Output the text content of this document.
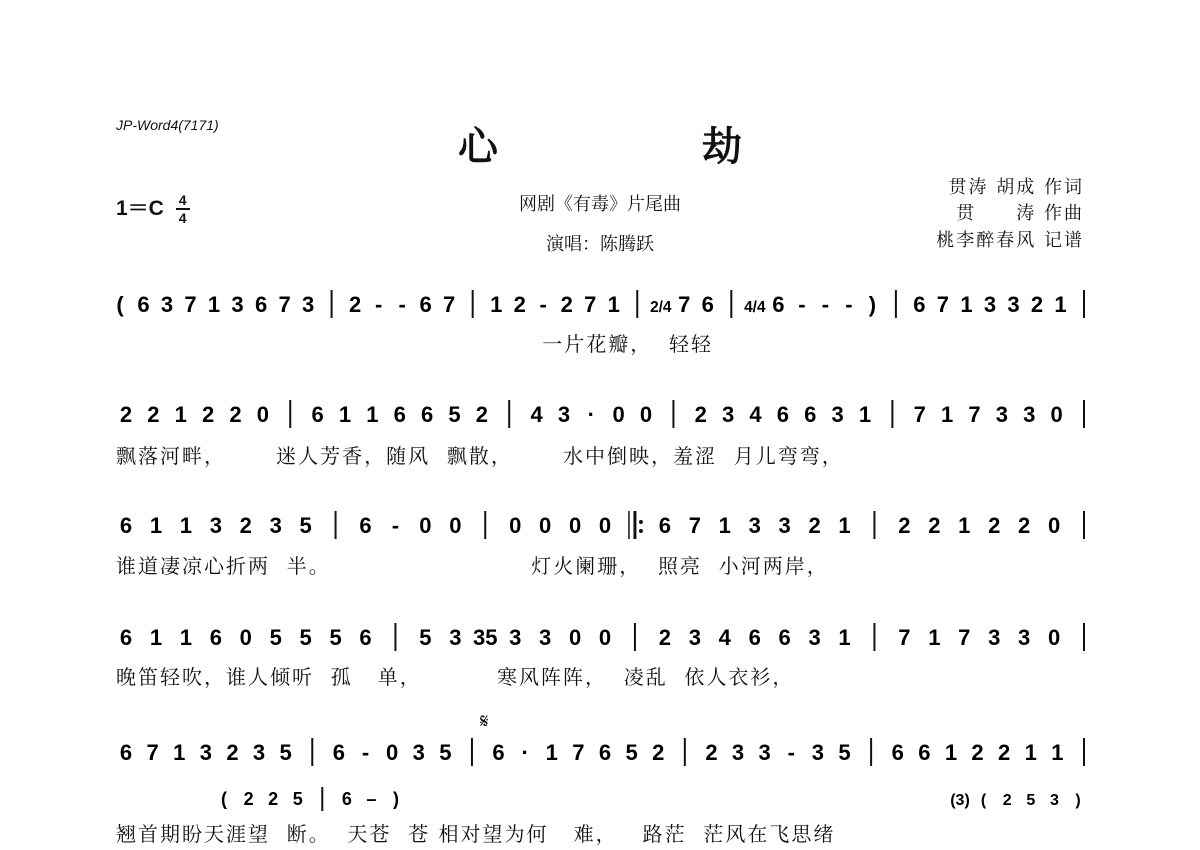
JP-Word4(7171)	心 劫
网剧《有毒》片尾曲
演唱：陈腾跃
$1=C \frac{4}{4}$
贯涛 胡成 作词
贯　　涛 作曲
桃李醉春风 记谱
( 6 3 7 1 3 6 7 3 2 - - 6 7 1 2 - 2 7 1 2/4 7 6 4/4 6 - - - ) 6 7 1 3 3 2 1
2 2 1 2 2 0 6 1 1 6 6 5 2 4 3 · 0 0 2 3 4 6 6 3 1 7 1 7 3 3 0
6 1 1 3 2 3 5 6 - 0 0 0 0 0 0 6 7 1 3 3 2 1 2 2 1 2 2 0
6 1 1 6 0 5 5 5 6 5 3 35 3 3 0 0 2 3 4 6 6 3 1 7 1 7 3 3 0
6 7 1 3 2 3 5 6 - 0 3 5 6 · 1 7 6 5 2 2 3 3 - 3 5 6 6 1 2 2 1 1
( 2 2 5 6 – )	(3) ( 2 5 3 )
𝄋
一片花瓣，  轻轻
飘落河畔，      迷人芳香，随风  飘散，      水中倒映，羞涩  月儿弯弯，
谁道凄凉心折两  半。                        灯火阑珊，  照亮  小河两岸，
晚笛轻吹，谁人倾听  孤   单，         寒风阵阵，  凌乱  依人衣衫，
翘首期盼天涯望  断。  天苍  苍 相对望为何   难，   路茫  茫风在飞思绪
